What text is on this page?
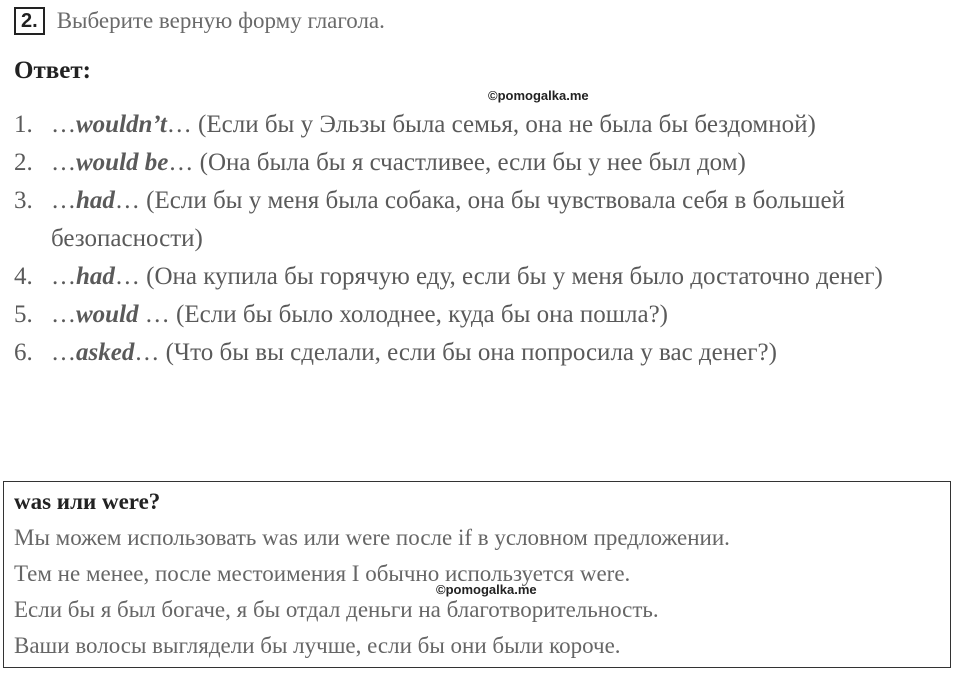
2. Выберите верную форму глагола.
Ответ:
©pomogalka.me
1. …wouldn’t… (Если бы у Эльзы была семья, она не была бы бездомной)
2. …would be… (Она была бы я счастливее, если бы у нее был дом)
3. …had… (Если бы у меня была собака, она бы чувствовала себя в большей безопасности)
4. …had… (Она купила бы горячую еду, если бы у меня было достаточно денег)
5. …would … (Если бы было холоднее, куда бы она пошла?)
6. …asked… (Что бы вы сделали, если бы она попросила у вас денег?)
was или were?
Мы можем использовать was или were после if в условном предложении.
Тем не менее, после местоимения I обычно используется were.
Если бы я был богаче, я бы отдал деньги на благотворительность.
Ваши волосы выглядели бы лучше, если бы они были короче.
©pomogalka.me
